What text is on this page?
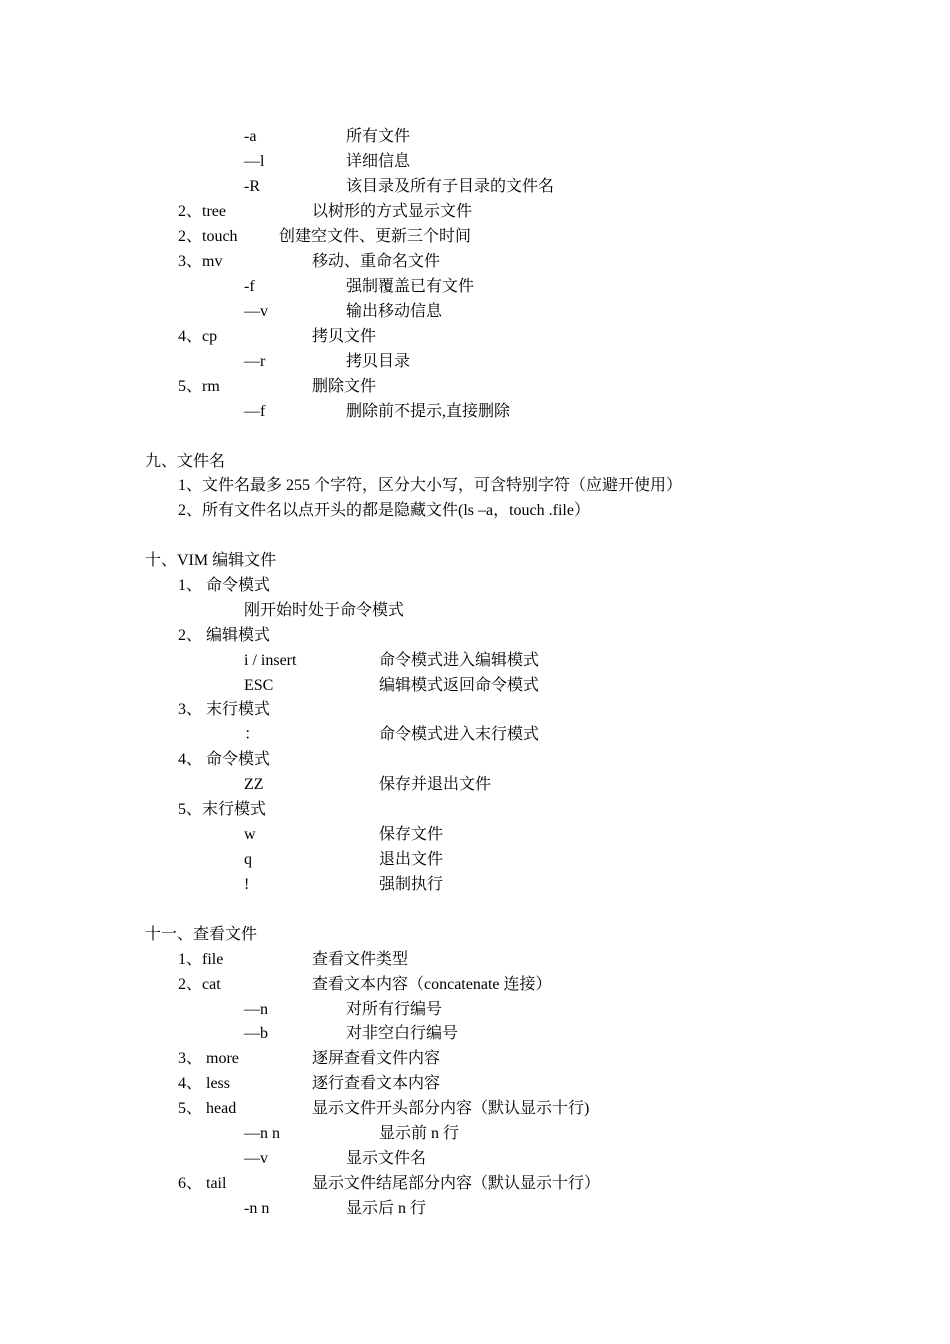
-a	所有文件
—l	详细信息
-R	该目录及所有子目录的文件名
2、tree	以树形的方式显示文件
2、touch	创建空文件、更新三个时间
3、mv	移动、重命名文件
-f	强制覆盖已有文件
—v	输出移动信息
4、cp	拷贝文件
—r	拷贝目录
5、rm	删除文件
—f	删除前不提示,直接删除
九、文件名
1、文件名最多 255 个字符，区分大小写，可含特别字符（应避开使用）
2、所有文件名以点开头的都是隐藏文件(ls –a，touch .file）
十、VIM 编辑文件
1、 命令模式
刚开始时处于命令模式
2、 编辑模式
i / insert	命令模式进入编辑模式
ESC	编辑模式返回命令模式
3、 末行模式
：	命令模式进入末行模式
4、 命令模式
ZZ	保存并退出文件
5、末行模式
w	保存文件
q	退出文件
!	强制执行
十一、查看文件
1、file	查看文件类型
2、cat	查看文本内容（concatenate 连接）
—n	对所有行编号
—b	对非空白行编号
3、 more	逐屏查看文件内容
4、 less	逐行查看文本内容
5、 head	显示文件开头部分内容（默认显示十行)
—n n	显示前 n 行
—v	显示文件名
6、 tail	显示文件结尾部分内容（默认显示十行）
-n n	显示后 n 行
